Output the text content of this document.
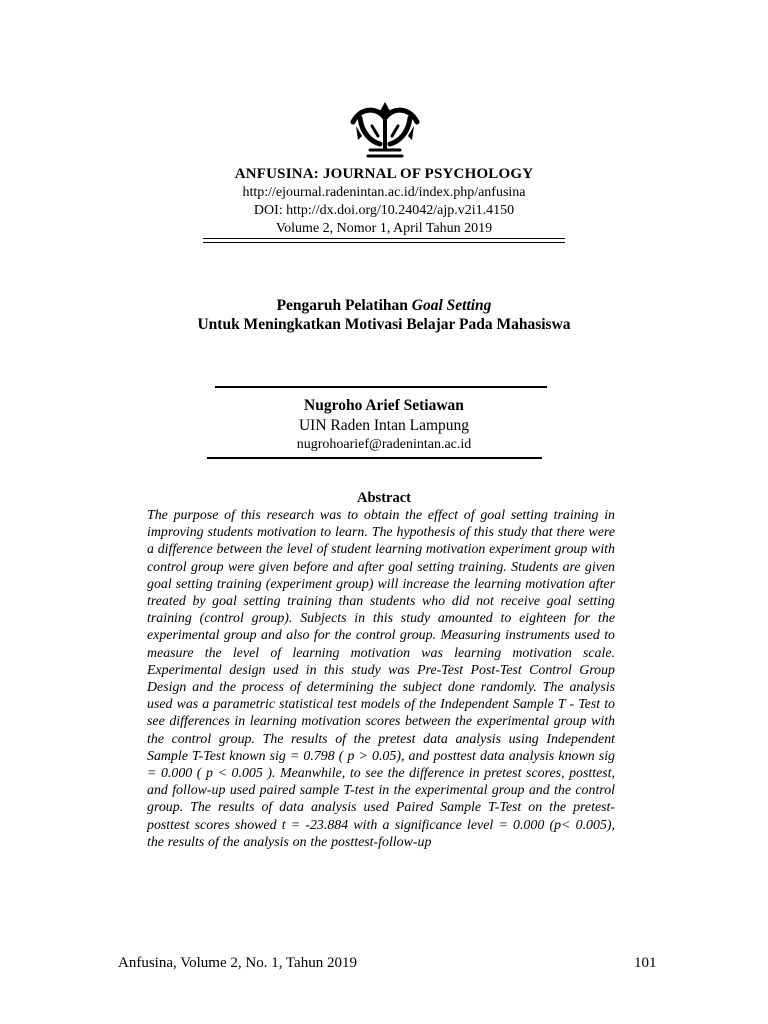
ANFUSINA: JOURNAL OF PSYCHOLOGY
http://ejournal.radenintan.ac.id/index.php/anfusina
DOI: http://dx.doi.org/10.24042/ajp.v2i1.4150
Volume 2, Nomor 1, April Tahun 2019
Pengaruh Pelatihan Goal Setting
Untuk Meningkatkan Motivasi Belajar Pada Mahasiswa
Nugroho Arief Setiawan
UIN Raden Intan Lampung
nugrohoarief@radenintan.ac.id
Abstract

The purpose of this research was to obtain the effect of goal setting training in improving students motivation to learn. The hypothesis of this study that there were a difference between the level of student learning motivation experiment group with control group were given before and after goal setting training. Students are given goal setting training (experiment group) will increase the learning motivation after treated by goal setting training than students who did not receive goal setting training (control group). Subjects in this study amounted to eighteen for the experimental group and also for the control group. Measuring instruments used to measure the level of learning motivation was learning motivation scale. Experimental design used in this study was Pre-Test Post-Test Control Group Design and the process of determining the subject done randomly. The analysis used was a parametric statistical test models of the Independent Sample T - Test to see differences in learning motivation scores between the experimental group with the control group. The results of the pretest data analysis using Independent Sample T-Test known sig = 0.798 ( p > 0.05), and posttest data analysis known sig = 0.000 ( p < 0.005 ). Meanwhile, to see the difference in pretest scores, posttest, and follow-up used paired sample T-test in the experimental group and the control group. The results of data analysis used Paired Sample T-Test on the pretest-posttest scores showed t = -23.884 with a significance level = 0.000 (p< 0.005), the results of the analysis on the posttest-follow-up

Anfusina, Volume 2, No. 1, Tahun 2019	101
